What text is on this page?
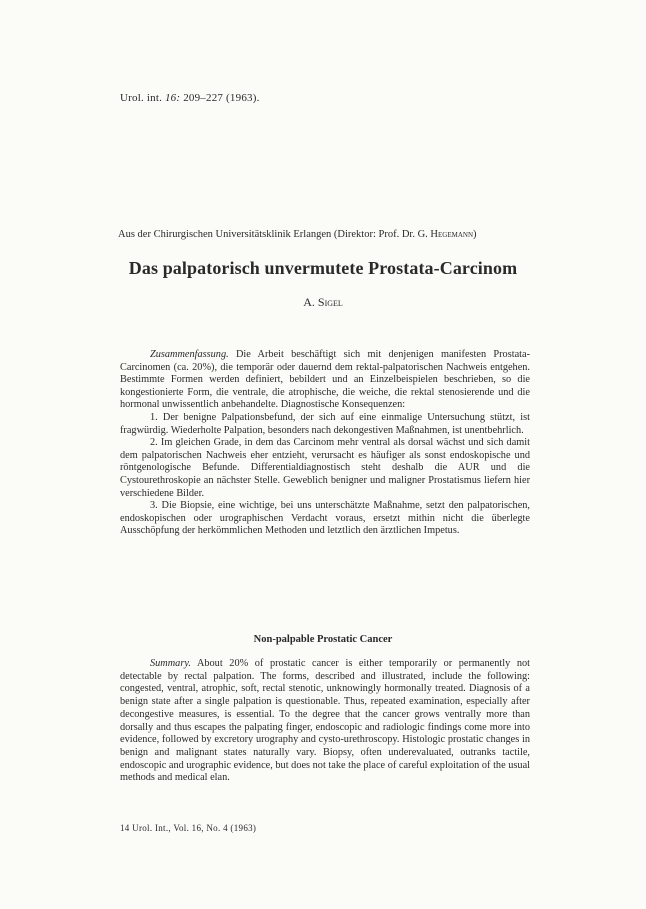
Urol. int. 16: 209–227 (1963).
Aus der Chirurgischen Universitätsklinik Erlangen (Direktor: Prof. Dr. G. Hegemann)
Das palpatorisch unvermutete Prostata-Carcinom
A. Sigel

Zusammenfassung. Die Arbeit beschäftigt sich mit denjenigen manifesten Prostata-Carcinomen (ca. 20%), die temporär oder dauernd dem rektal-palpatorischen Nachweis entgehen. Bestimmte Formen werden definiert, bebildert und an Einzelbeispielen beschrieben, so die kongestionierte Form, die ventrale, die atrophische, die weiche, die rektal stenosierende und die hormonal unwissentlich anbehandelte. Diagnostische Konsequenzen:

1. Der benigne Palpationsbefund, der sich auf eine einmalige Untersuchung stützt, ist fragwürdig. Wiederholte Palpation, besonders nach dekongestiven Maßnahmen, ist unentbehrlich.

2. Im gleichen Grade, in dem das Carcinom mehr ventral als dorsal wächst und sich damit dem palpatorischen Nachweis eher entzieht, verursacht es häufiger als sonst endoskopische und röntgenologische Befunde. Differentialdiagnostisch steht deshalb die AUR und die Cystourethroskopie an nächster Stelle. Geweblich benigner und maligner Prostatismus liefern hier verschiedene Bilder.

3. Die Biopsie, eine wichtige, bei uns unterschätzte Maßnahme, setzt den palpatorischen, endoskopischen oder urographischen Verdacht voraus, ersetzt mithin nicht die überlegte Ausschöpfung der herkömmlichen Methoden und letztlich den ärztlichen Impetus.

Non-palpable Prostatic Cancer

Summary. About 20% of prostatic cancer is either temporarily or permanently not detectable by rectal palpation. The forms, described and illustrated, include the following: congested, ventral, atrophic, soft, rectal stenotic, unknowingly hormonally treated. Diagnosis of a benign state after a single palpation is questionable. Thus, repeated examination, especially after decongestive measures, is essential. To the degree that the cancer grows ventrally more than dorsally and thus escapes the palpating finger, endoscopic and radiologic findings come more into evidence, followed by excretory urography and cysto-urethroscopy. Histologic prostatic changes in benign and malignant states naturally vary. Biopsy, often underevaluated, outranks tactile, endoscopic and urographic evidence, but does not take the place of careful exploitation of the usual methods and medical elan.

14 Urol. Int., Vol. 16, No. 4 (1963)
